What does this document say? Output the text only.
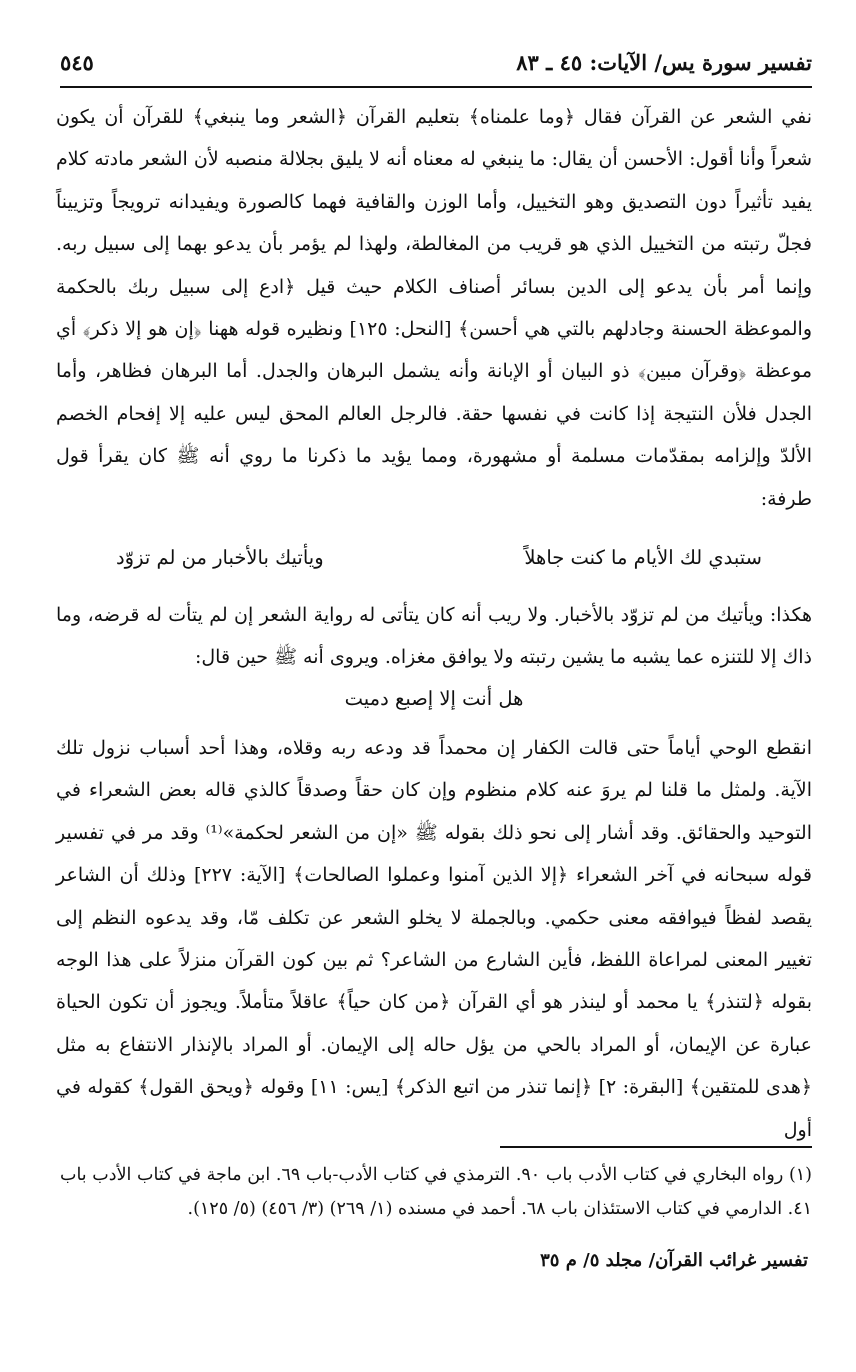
تفسير سورة يس/ الآيات: ٤٥ ـ ٨٣
٥٤٥

نفي الشعر عن القرآن فقال ﴿وما علمناه﴾ بتعليم القرآن ﴿الشعر وما ينبغي﴾ للقرآن أن يكون شعراً وأنا أقول: الأحسن أن يقال: ما ينبغي له معناه أنه لا يليق بجلالة منصبه لأن الشعر مادته كلام يفيد تأثيراً دون التصديق وهو التخييل، وأما الوزن والقافية فهما كالصورة ويفيدانه ترويجاً وتزييناً فجلّ رتبته من التخييل الذي هو قريب من المغالطة، ولهذا لم يؤمر بأن يدعو بهما إلى سبيل ربه. وإنما أمر بأن يدعو إلى الدين بسائر أصناف الكلام حيث قيل ﴿ادع إلى سبيل ربك بالحكمة والموعظة الحسنة وجادلهم بالتي هي أحسن﴾ [النحل: ١٢٥] ونظيره قوله ههنا ﴿إن هو إلا ذكر﴾ أي موعظة ﴿وقرآن مبين﴾ ذو البيان أو الإبانة وأنه يشمل البرهان والجدل. أما البرهان فظاهر، وأما الجدل فلأن النتيجة إذا كانت في نفسها حقة. فالرجل العالم المحق ليس عليه إلا إفحام الخصم الألدّ وإلزامه بمقدّمات مسلمة أو مشهورة، ومما يؤيد ما ذكرنا ما روي أنه ﷺ كان يقرأ قول طرفة:

ستبدي لك الأيام ما كنت جاهلاً
ويأتيك بالأخبار من لم تزوّد

هكذا: ويأتيك من لم تزوّد بالأخبار. ولا ريب أنه كان يتأتى له رواية الشعر إن لم يتأت له قرضه، وما ذاك إلا للتنزه عما يشبه ما يشين رتبته ولا يوافق مغزاه. ويروى أنه ﷺ حين قال:

هل أنت إلا إصبع دميت

انقطع الوحي أياماً حتى قالت الكفار إن محمداً قد ودعه ربه وقلاه، وهذا أحد أسباب نزول تلك الآية. ولمثل ما قلنا لم يروَ عنه كلام منظوم وإن كان حقاً وصدقاً كالذي قاله بعض الشعراء في التوحيد والحقائق. وقد أشار إلى نحو ذلك بقوله ﷺ «إن من الشعر لحكمة»⁽¹⁾ وقد مر في تفسير قوله سبحانه في آخر الشعراء ﴿إلا الذين آمنوا وعملوا الصالحات﴾ [الآية: ٢٢٧] وذلك أن الشاعر يقصد لفظاً فيوافقه معنى حكمي. وبالجملة لا يخلو الشعر عن تكلف مّا، وقد يدعوه النظم إلى تغيير المعنى لمراعاة اللفظ، فأين الشارع من الشاعر؟ ثم بين كون القرآن منزلاً على هذا الوجه بقوله ﴿لتنذر﴾ يا محمد أو لينذر هو أي القرآن ﴿من كان حياً﴾ عاقلاً متأملاً. ويجوز أن تكون الحياة عبارة عن الإيمان، أو المراد بالحي من يؤل حاله إلى الإيمان. أو المراد بالإنذار الانتفاع به مثل ﴿هدى للمتقين﴾ [البقرة: ٢] ﴿إنما تنذر من اتبع الذكر﴾ [يس: ١١] وقوله ﴿ويحق القول﴾ كقوله في أول

(١) رواه البخاري في كتاب الأدب باب ٩٠. الترمذي في كتاب الأدب-باب ٦٩. ابن ماجة في كتاب الأدب باب ٤١. الدارمي في كتاب الاستئذان باب ٦٨. أحمد في مسنده (١/ ٢٦٩) (٣/ ٤٥٦) (٥/ ١٢٥).
تفسير غرائب القرآن/ مجلد ٥/ م ٣٥
